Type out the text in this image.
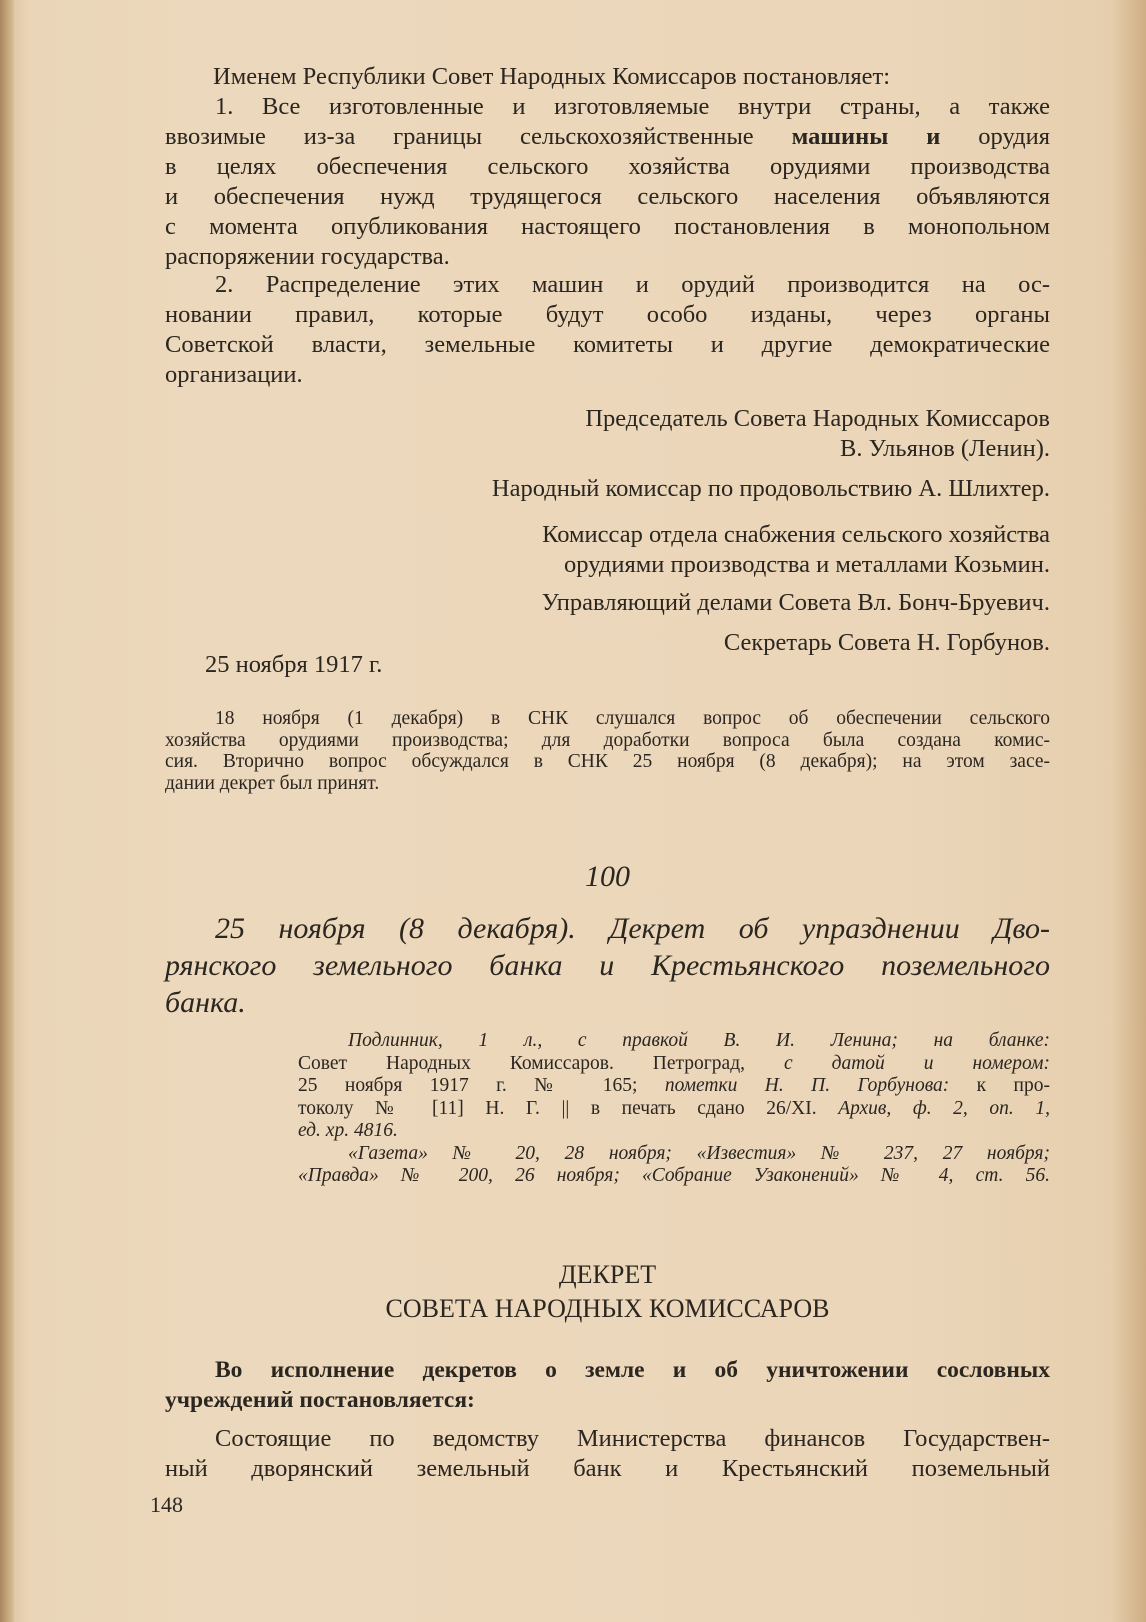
Именем Республики Совет Народных Комиссаров постановляет:
1. Все изготовленные и изготовляемые внутри страны, а также
ввозимые из-за границы сельскохозяйственные машины и орудия
в целях обеспечения сельского хозяйства орудиями производства
и обеспечения нужд трудящегося сельского населения объявляются
с момента опубликования настоящего постановления в монопольном
распоряжении государства.
2. Распределение этих машин и орудий производится на ос-
новании правил, которые будут особо изданы, через органы
Советской власти, земельные комитеты и другие демократические
организации.
Председатель Совета Народных Комиссаров
В. Ульянов (Ленин).
Народный комиссар по продовольствию А. Шлихтер.
Комиссар отдела снабжения сельского хозяйства
орудиями производства и металлами Козьмин.
Управляющий делами Совета Вл. Бонч-Бруевич.
Секретарь Совета Н. Горбунов.
25 ноября 1917 г.
18 ноября (1 декабря) в СНК слушался вопрос об обеспечении сельского
хозяйства орудиями производства; для доработки вопроса была создана комис-
сия. Вторично вопрос обсуждался в СНК 25 ноября (8 декабря); на этом засе-
дании декрет был принят.
100
25 ноября (8 декабря). Декрет об упразднении Дво-
рянского земельного банка и Крестьянского поземельного
банка.
Подлинник, 1 л., с правкой В. И. Ленина; на бланке:
Совет Народных Комиссаров. Петроград, с датой и номером:
25 ноября 1917 г. № 165; пометки Н. П. Горбунова: к про-
токолу № [11] Н. Г. || в печать сдано 26/XI. Архив, ф. 2, оп. 1,
ед. хр. 4816.
«Газета» № 20, 28 ноября; «Известия» № 237, 27 ноября;
«Правда» № 200, 26 ноября; «Собрание Узаконений» № 4, ст. 56.
ДЕКРЕТ
СОВЕТА НАРОДНЫХ КОМИССАРОВ
Во исполнение декретов о земле и об уничтожении сословных
учреждений постановляется:
Состоящие по ведомству Министерства финансов Государствен-
ный дворянский земельный банк и Крестьянский поземельный
148
